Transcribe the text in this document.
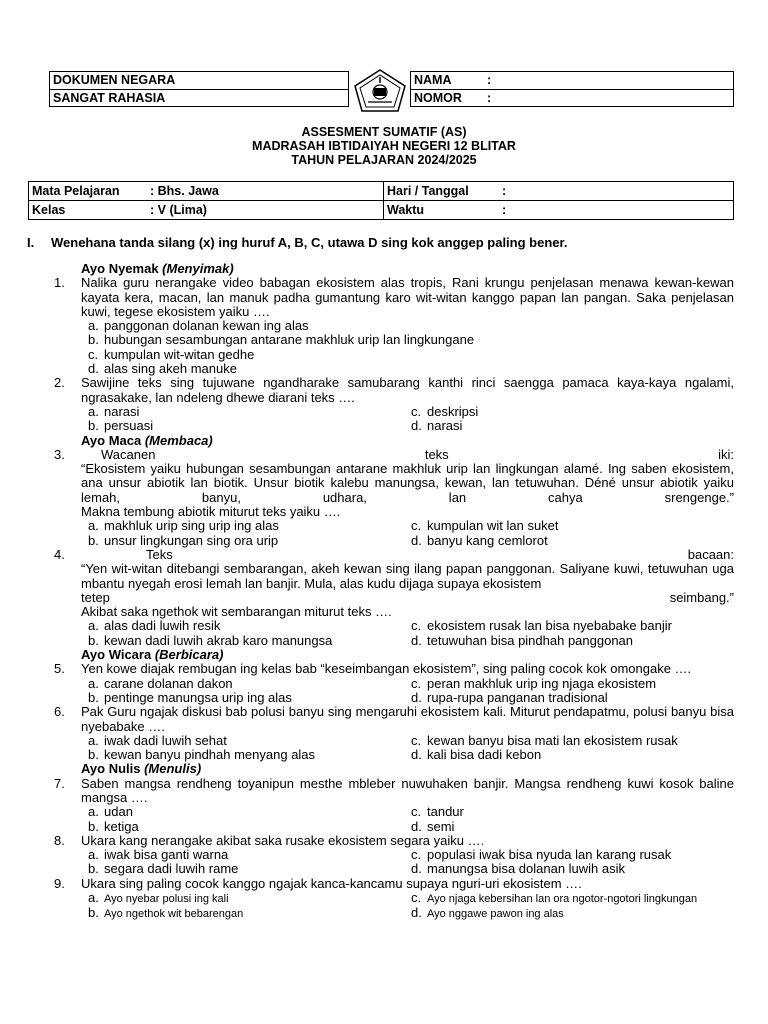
DOKUMEN NEGARA
SANGAT RAHASIA
NAMA	:
NOMOR :
ASSESMENT SUMATIF (AS)
MADRASAH IBTIDAIYAH NEGERI 12 BLITAR
TAHUN PELAJARAN 2024/2025
Mata Pelajaran : Bhs. Jawa	Hari / Tanggal :
Kelas : V (Lima)	Waktu :
I. Wenehana tanda silang (x) ing huruf A, B, C, utawa D sing kok anggep paling bener.
Ayo Nyemak (Menyimak)
1. Nalika guru nerangake video babagan ekosistem alas tropis, Rani krungu penjelasan menawa kewan-kewan kayata kera, macan, lan manuk padha gumantung karo wit-witan kanggo papan lan pangan. Saka penjelasan kuwi, tegese ekosistem yaiku ….
a. panggonan dolanan kewan ing alas
b. hubungan sesambungan antarane makhluk urip lan lingkungane
c. kumpulan wit-witan gedhe
d. alas sing akeh manuke
2. Sawijine teks sing tujuwane ngandharake samubarang kanthi rinci saengga pamaca kaya-kaya ngalami, ngrasakake, lan ndeleng dhewe diarani teks ….
a. narasi	c. deskripsi
b. persuasi	d. narasi
Ayo Maca (Membaca)
3.	Wacanen	teks	iki:
“Ekosistem yaiku hubungan sesambungan antarane makhluk urip lan lingkungan alamé. Ing saben ekosistem, ana unsur abiotik lan biotik. Unsur biotik kalebu manungsa, kewan, lan tetuwuhan. Déné unsur abiotik yaiku lemah, banyu, udhara, lan cahya srengenge.”
Makna tembung abiotik miturut teks yaiku ….
a. makhluk urip sing urip ing alas	c. kumpulan wit lan suket
b. unsur lingkungan sing ora urip	d. banyu kang cemlorot
4.	Teks	bacaan:
“Yen wit-witan ditebangi sembarangan, akeh kewan sing ilang papan panggonan. Saliyane kuwi, tetuwuhan uga mbantu nyegah erosi lemah lan banjir. Mula, alas kudu dijaga supaya ekosistem
tetep	seimbang.”
Akibat saka ngethok wit sembarangan miturut teks ….
a. alas dadi luwih resik	c. ekosistem rusak lan bisa nyebabake banjir
b. kewan dadi luwih akrab karo manungsa	d. tetuwuhan bisa pindhah panggonan
Ayo Wicara (Berbicara)
5. Yen kowe diajak rembugan ing kelas bab “keseimbangan ekosistem”, sing paling cocok kok omongake ….
a. carane dolanan dakon	c. peran makhluk urip ing njaga ekosistem
b. pentinge manungsa urip ing alas	d. rupa-rupa panganan tradisional
6. Pak Guru ngajak diskusi bab polusi banyu sing mengaruhi ekosistem kali. Miturut pendapatmu, polusi banyu bisa nyebabake ….
a. iwak dadi luwih sehat	c. kewan banyu bisa mati lan ekosistem rusak
b. kewan banyu pindhah menyang alas	d. kali bisa dadi kebon
Ayo Nulis (Menulis)
7. Saben mangsa rendheng toyanipun mesthe mbleber nuwuhaken banjir. Mangsa rendheng kuwi kosok baline mangsa ….
a. udan	c. tandur
b. ketiga	d. semi
8. Ukara kang nerangake akibat saka rusake ekosistem segara yaiku ….
a. iwak bisa ganti warna	c. populasi iwak bisa nyuda lan karang rusak
b. segara dadi luwih rame	d. manungsa bisa dolanan luwih asik
9. Ukara sing paling cocok kanggo ngajak kanca-kancamu supaya nguri-uri ekosistem ….
a. Ayo nyebar polusi ing kali	c. Ayo njaga kebersihan lan ora ngotor-ngotori lingkungan
b. Ayo ngethok wit bebarengan	d. Ayo nggawe pawon ing alas
